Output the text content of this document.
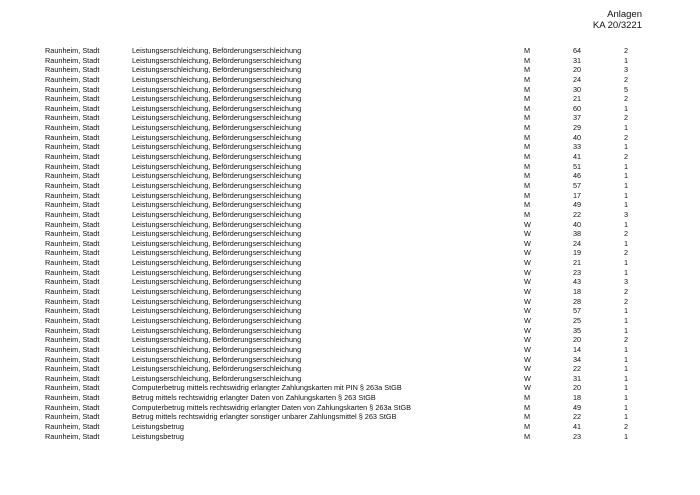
Anlagen
KA 20/3221
Raunheim, Stadt	Leistungserschleichung, Beförderungserschleichung	M	64	2
Raunheim, Stadt	Leistungserschleichung, Beförderungserschleichung	M	31	1
Raunheim, Stadt	Leistungserschleichung, Beförderungserschleichung	M	20	3
Raunheim, Stadt	Leistungserschleichung, Beförderungserschleichung	M	24	2
Raunheim, Stadt	Leistungserschleichung, Beförderungserschleichung	M	30	5
Raunheim, Stadt	Leistungserschleichung, Beförderungserschleichung	M	21	2
Raunheim, Stadt	Leistungserschleichung, Beförderungserschleichung	M	60	1
Raunheim, Stadt	Leistungserschleichung, Beförderungserschleichung	M	37	2
Raunheim, Stadt	Leistungserschleichung, Beförderungserschleichung	M	29	1
Raunheim, Stadt	Leistungserschleichung, Beförderungserschleichung	M	40	2
Raunheim, Stadt	Leistungserschleichung, Beförderungserschleichung	M	33	1
Raunheim, Stadt	Leistungserschleichung, Beförderungserschleichung	M	41	2
Raunheim, Stadt	Leistungserschleichung, Beförderungserschleichung	M	51	1
Raunheim, Stadt	Leistungserschleichung, Beförderungserschleichung	M	46	1
Raunheim, Stadt	Leistungserschleichung, Beförderungserschleichung	M	57	1
Raunheim, Stadt	Leistungserschleichung, Beförderungserschleichung	M	17	1
Raunheim, Stadt	Leistungserschleichung, Beförderungserschleichung	M	49	1
Raunheim, Stadt	Leistungserschleichung, Beförderungserschleichung	M	22	3
Raunheim, Stadt	Leistungserschleichung, Beförderungserschleichung	W	40	1
Raunheim, Stadt	Leistungserschleichung, Beförderungserschleichung	W	38	2
Raunheim, Stadt	Leistungserschleichung, Beförderungserschleichung	W	24	1
Raunheim, Stadt	Leistungserschleichung, Beförderungserschleichung	W	19	2
Raunheim, Stadt	Leistungserschleichung, Beförderungserschleichung	W	21	1
Raunheim, Stadt	Leistungserschleichung, Beförderungserschleichung	W	23	1
Raunheim, Stadt	Leistungserschleichung, Beförderungserschleichung	W	43	3
Raunheim, Stadt	Leistungserschleichung, Beförderungserschleichung	W	18	2
Raunheim, Stadt	Leistungserschleichung, Beförderungserschleichung	W	28	2
Raunheim, Stadt	Leistungserschleichung, Beförderungserschleichung	W	57	1
Raunheim, Stadt	Leistungserschleichung, Beförderungserschleichung	W	25	1
Raunheim, Stadt	Leistungserschleichung, Beförderungserschleichung	W	35	1
Raunheim, Stadt	Leistungserschleichung, Beförderungserschleichung	W	20	2
Raunheim, Stadt	Leistungserschleichung, Beförderungserschleichung	W	14	1
Raunheim, Stadt	Leistungserschleichung, Beförderungserschleichung	W	34	1
Raunheim, Stadt	Leistungserschleichung, Beförderungserschleichung	W	22	1
Raunheim, Stadt	Leistungserschleichung, Beförderungserschleichung	W	31	1
Raunheim, Stadt	Computerbetrug mittels rechtswidrig erlangter Zahlungskarten mit PIN § 263a StGB	W	20	1
Raunheim, Stadt	Betrug mittels rechtswidrig erlangter Daten von Zahlungskarten § 263 StGB	M	18	1
Raunheim, Stadt	Computerbetrug mittels rechtswidrig erlangter Daten von Zahlungskarten § 263a StGB	M	49	1
Raunheim, Stadt	Betrug mittels rechtswidrig erlangter sonstiger unbarer Zahlungsmittel § 263 StGB	M	22	1
Raunheim, Stadt	Leistungsbetrug	M	41	2
Raunheim, Stadt	Leistungsbetrug	M	23	1
